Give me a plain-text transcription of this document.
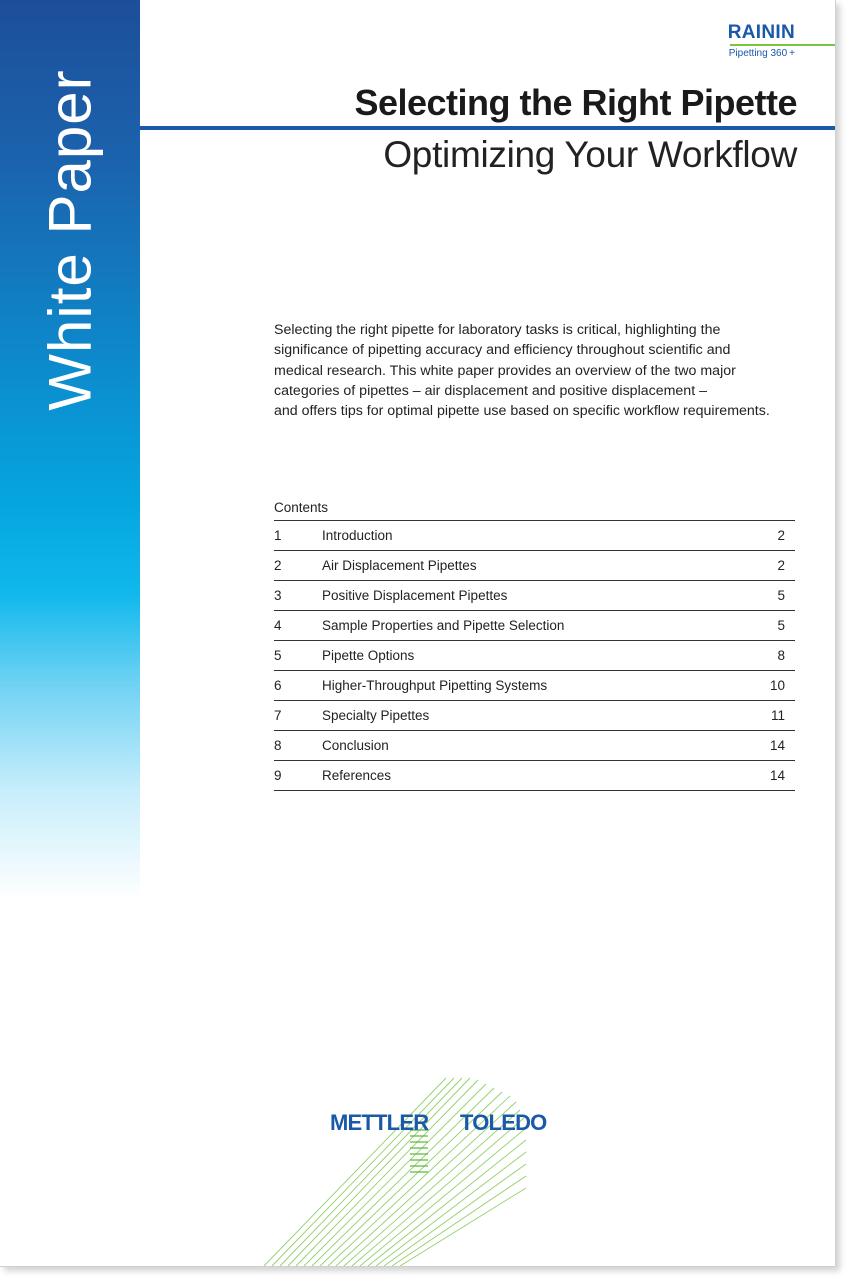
White Paper
RAININ
Pipetting 360 +
Selecting the Right Pipette
Optimizing Your Workflow

Selecting the right pipette for laboratory tasks is critical, highlighting the

significance of pipetting accuracy and efficiency throughout scientific and

medical research. This white paper provides an overview of the two major

categories of pipettes – air displacement and positive displacement –

and offers tips for optimal pipette use based on specific workflow requirements.

Contents
1	Introduction	2
2	Air Displacement Pipettes	2
3	Positive Displacement Pipettes	5
4	Sample Properties and Pipette Selection	5
5	Pipette Options	8
6	Higher-Throughput Pipetting Systems	10
7	Specialty Pipettes	11
8	Conclusion	14
9	References	14
METTLER TOLEDO
